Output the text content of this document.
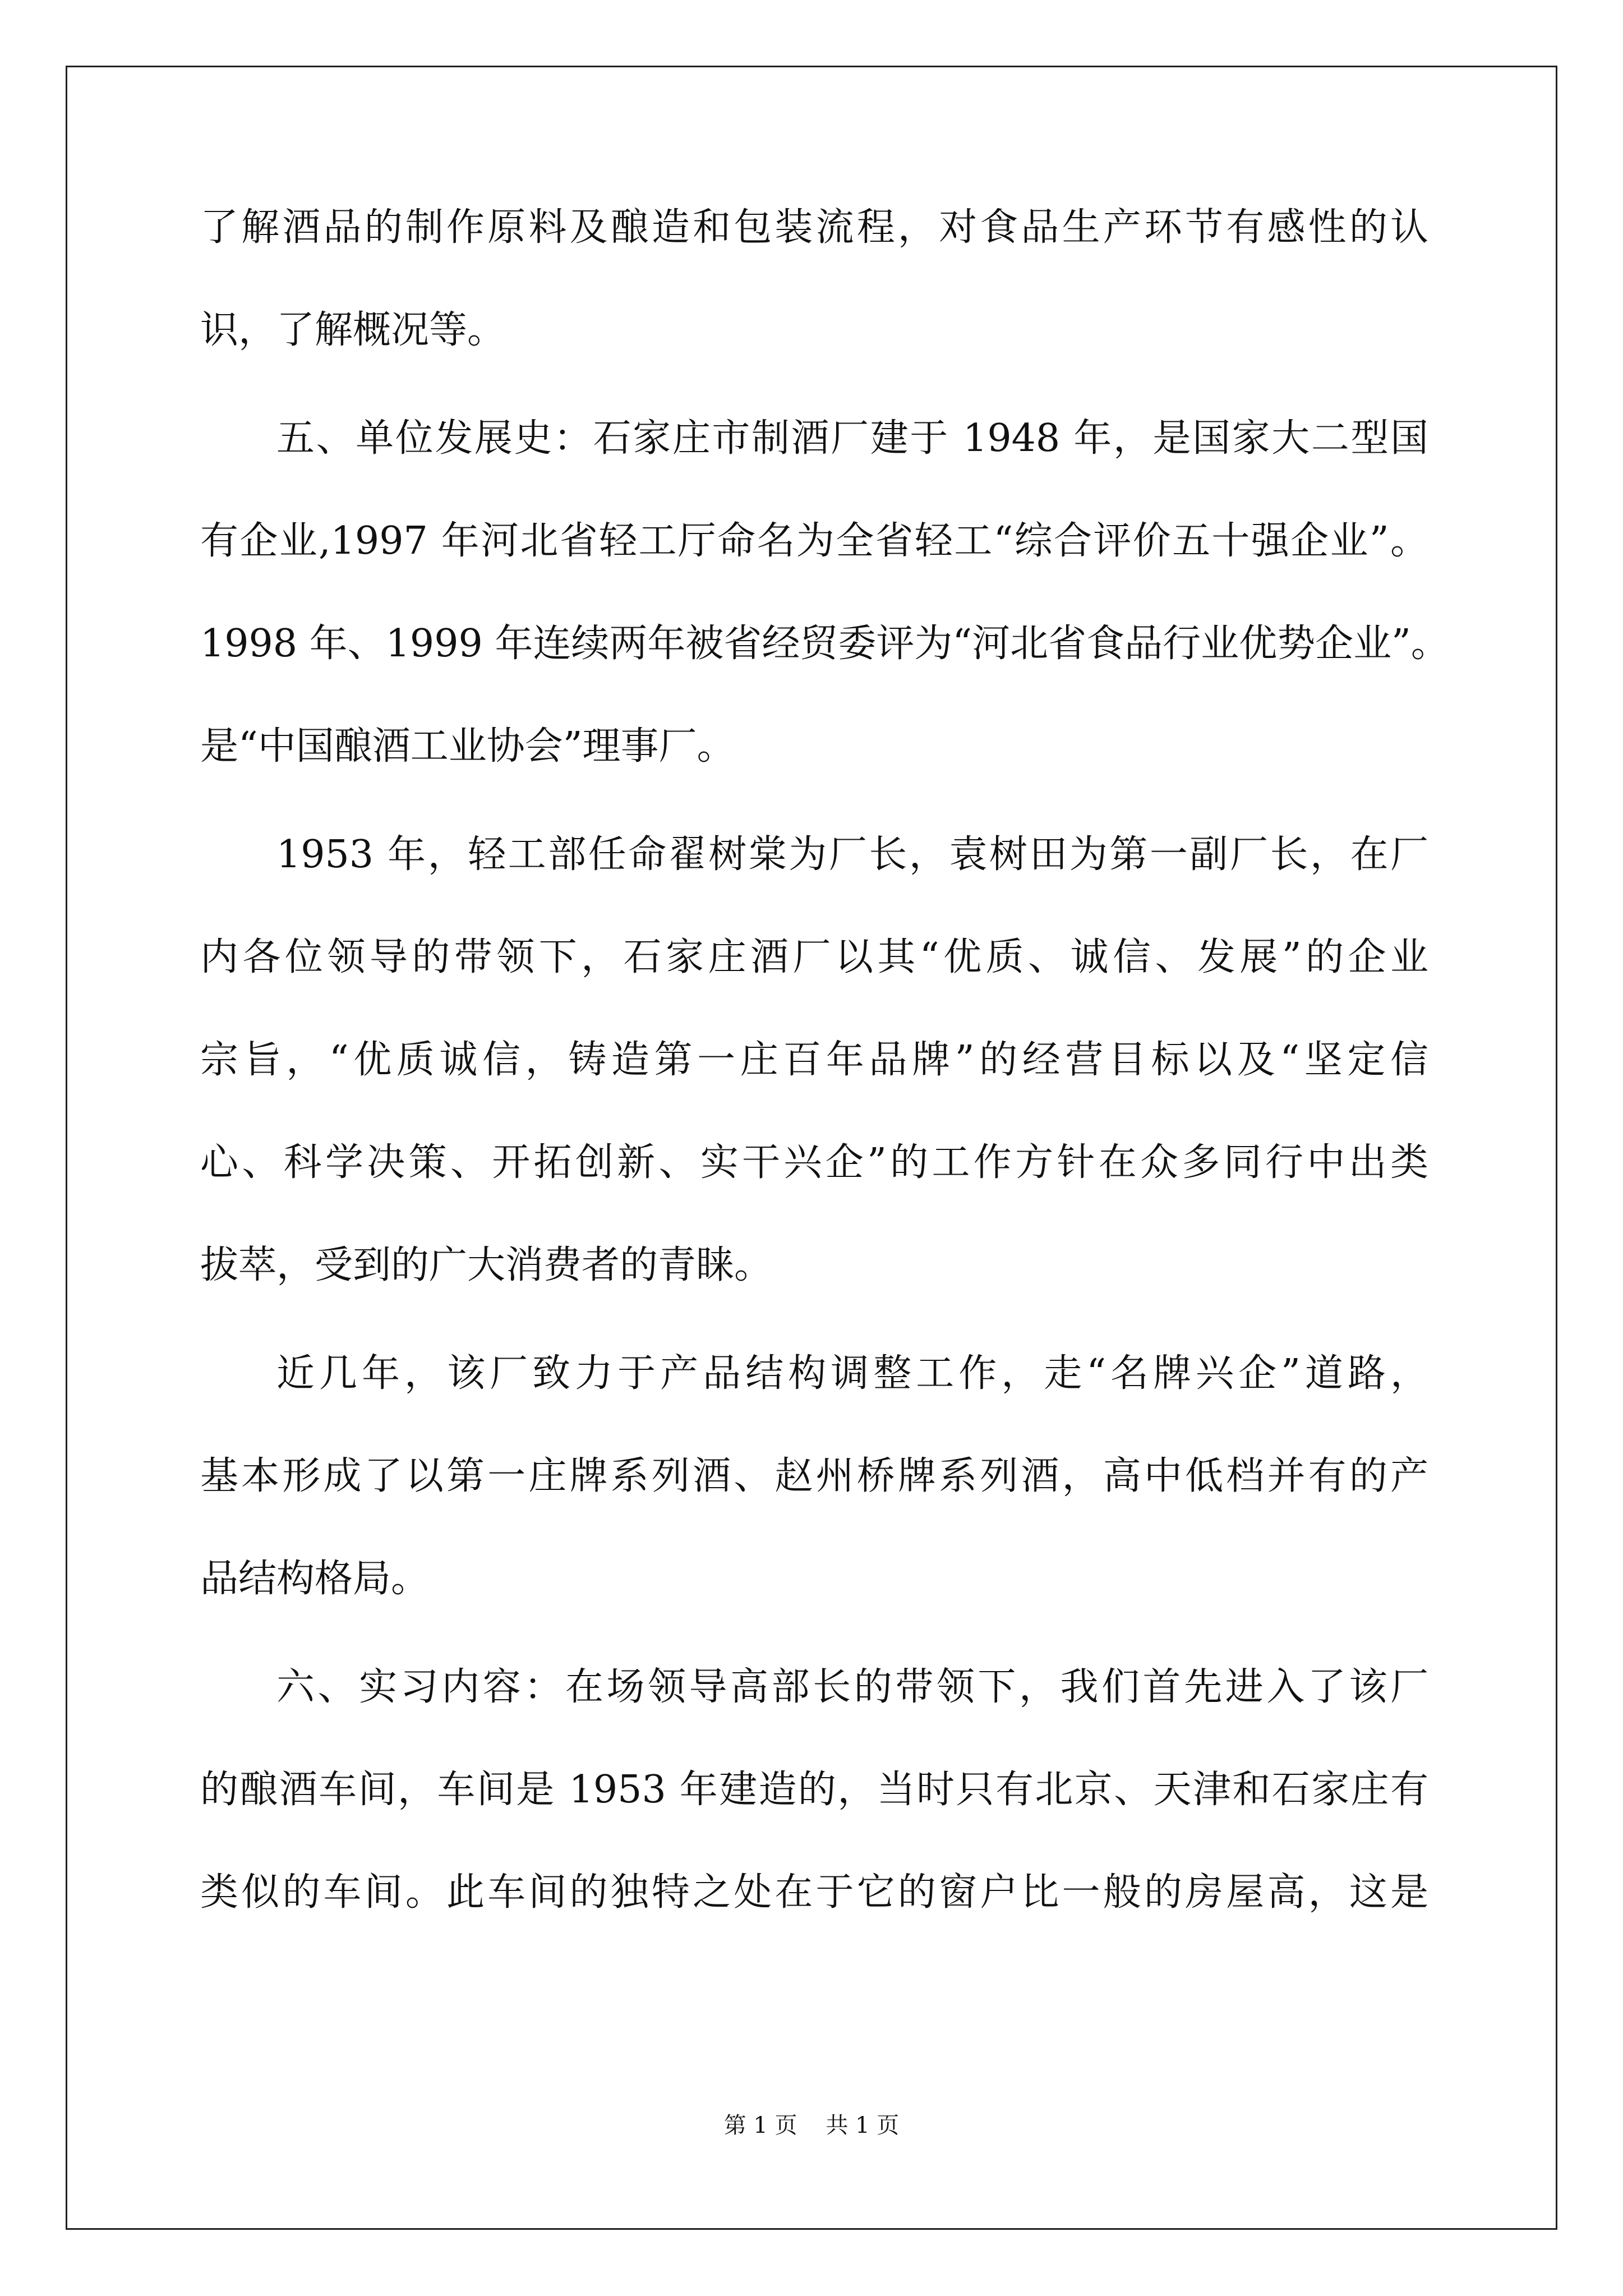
了解酒品的制作原料及酿造和包装流程，对食品生产环节有感性的认
识，了解概况等。
五、单位发展史：石家庄市制酒厂建于 1948 年，是国家大二型国
有企业,1997 年河北省轻工厅命名为全省轻工“综合评价五十强企业”。
1998 年、1999 年连续两年被省经贸委评为“河北省食品行业优势企业”。
是“中国酿酒工业协会”理事厂。
1953 年，轻工部任命翟树棠为厂长，袁树田为第一副厂长，在厂
内各位领导的带领下，石家庄酒厂以其“优质、诚信、发展”的企业
宗旨，“优质诚信，铸造第一庄百年品牌”的经营目标以及“坚定信
心、科学决策、开拓创新、实干兴企”的工作方针在众多同行中出类
拔萃，受到的广大消费者的青睐。
近几年，该厂致力于产品结构调整工作，走“名牌兴企”道路，
基本形成了以第一庄牌系列酒、赵州桥牌系列酒，高中低档并有的产
品结构格局。
六、实习内容：在场领导高部长的带领下，我们首先进入了该厂
的酿酒车间，车间是 1953 年建造的，当时只有北京、天津和石家庄有
类似的车间。此车间的独特之处在于它的窗户比一般的房屋高，这是
第 1 页    共 1 页
